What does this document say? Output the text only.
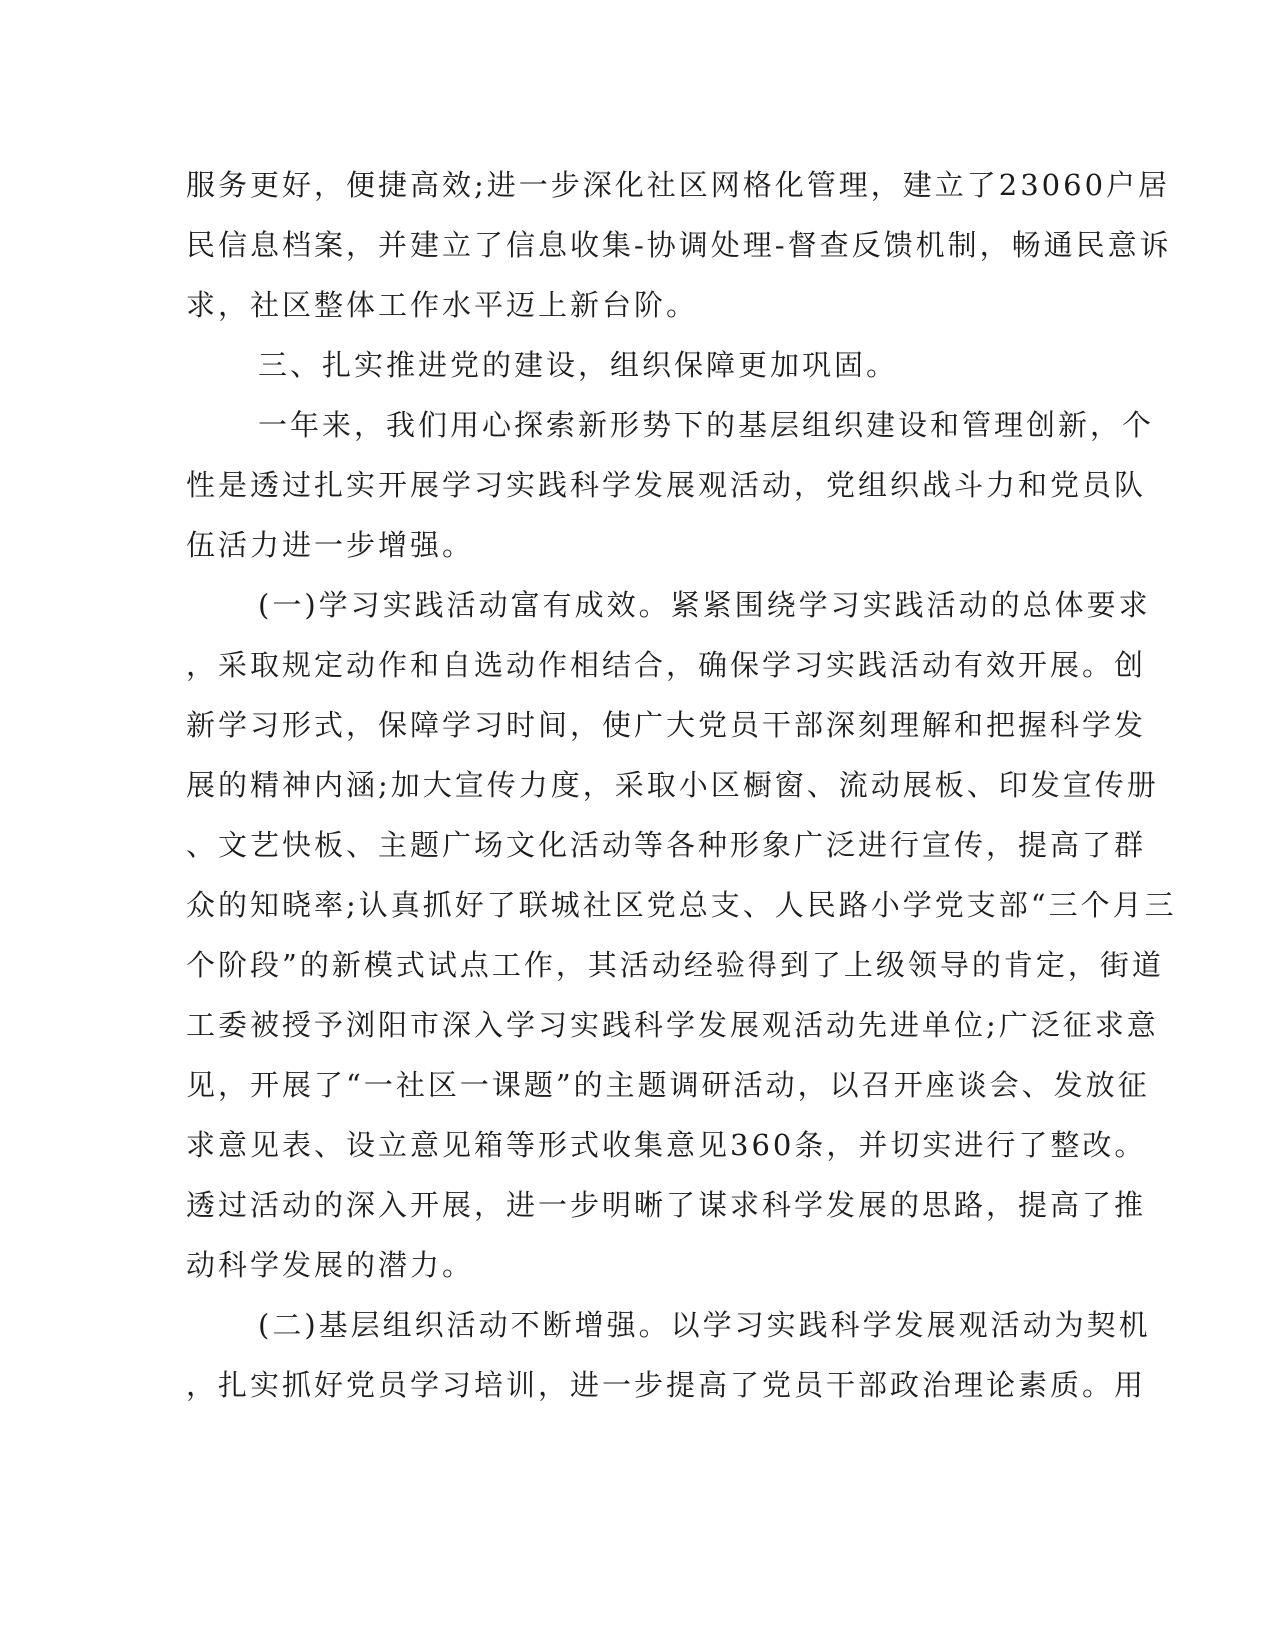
服务更好，便捷高效;进一步深化社区网格化管理，建立了23060户居
民信息档案，并建立了信息收集-协调处理-督查反馈机制，畅通民意诉
求，社区整体工作水平迈上新台阶。
三、扎实推进党的建设，组织保障更加巩固。
一年来，我们用心探索新形势下的基层组织建设和管理创新，个
性是透过扎实开展学习实践科学发展观活动，党组织战斗力和党员队
伍活力进一步增强。
(一)学习实践活动富有成效。紧紧围绕学习实践活动的总体要求
，采取规定动作和自选动作相结合，确保学习实践活动有效开展。创
新学习形式，保障学习时间，使广大党员干部深刻理解和把握科学发
展的精神内涵;加大宣传力度，采取小区橱窗、流动展板、印发宣传册
、文艺快板、主题广场文化活动等各种形象广泛进行宣传，提高了群
众的知晓率;认真抓好了联城社区党总支、人民路小学党支部“三个月三
个阶段”的新模式试点工作，其活动经验得到了上级领导的肯定，街道
工委被授予浏阳市深入学习实践科学发展观活动先进单位;广泛征求意
见，开展了“一社区一课题”的主题调研活动，以召开座谈会、发放征
求意见表、设立意见箱等形式收集意见360条，并切实进行了整改。
透过活动的深入开展，进一步明晰了谋求科学发展的思路，提高了推
动科学发展的潜力。
(二)基层组织活动不断增强。以学习实践科学发展观活动为契机
，扎实抓好党员学习培训，进一步提高了党员干部政治理论素质。用
